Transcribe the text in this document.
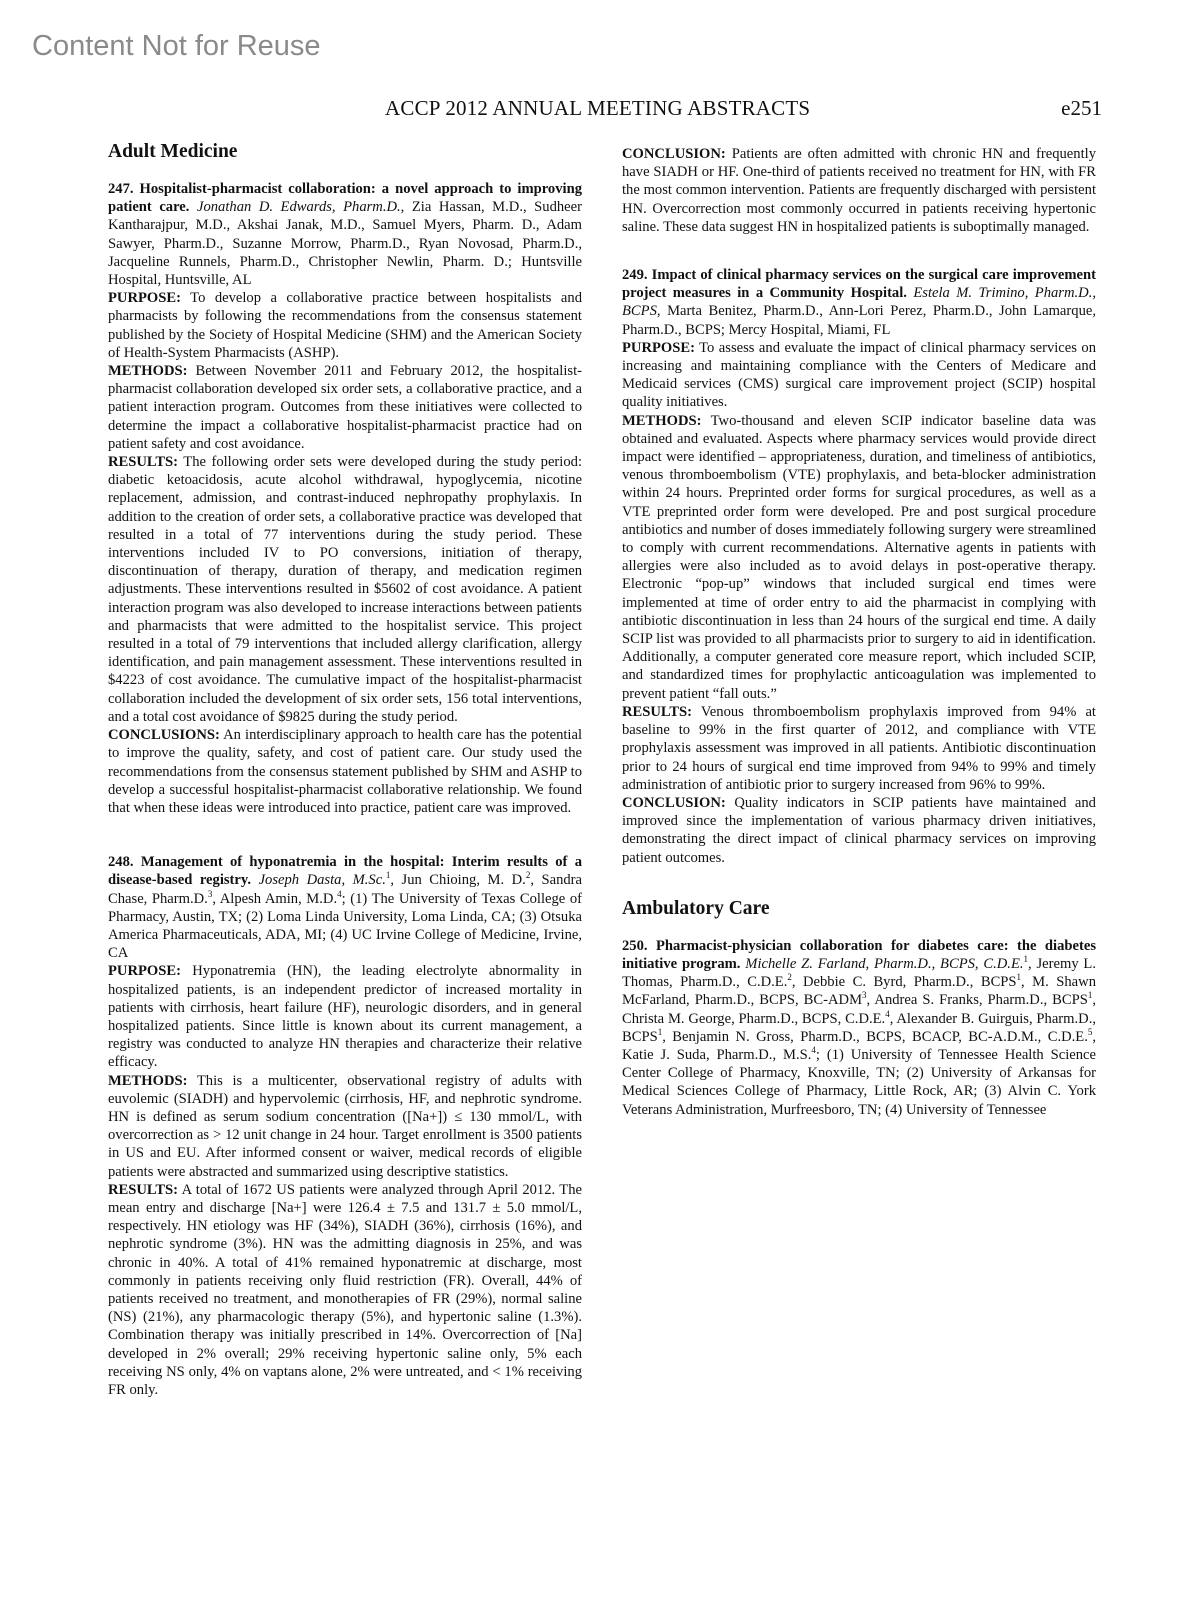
Content Not for Reuse
ACCP 2012 ANNUAL MEETING ABSTRACTS	e251
Adult Medicine

247. Hospitalist-pharmacist collaboration: a novel approach to improving patient care. Jonathan D. Edwards, Pharm.D., Zia Hassan, M.D., Sudheer Kantharajpur, M.D., Akshai Janak, M.D., Samuel Myers, Pharm. D., Adam Sawyer, Pharm.D., Suzanne Morrow, Pharm.D., Ryan Novosad, Pharm.D., Jacqueline Runnels, Pharm.D., Christopher Newlin, Pharm. D.; Huntsville Hospital, Huntsville, AL

PURPOSE: To develop a collaborative practice between hospitalists and pharmacists by following the recommendations from the consensus statement published by the Society of Hospital Medicine (SHM) and the American Society of Health-System Pharmacists (ASHP).

METHODS: Between November 2011 and February 2012, the hospitalist-pharmacist collaboration developed six order sets, a collaborative practice, and a patient interaction program. Outcomes from these initiatives were collected to determine the impact a collaborative hospitalist-pharmacist practice had on patient safety and cost avoidance.

RESULTS: The following order sets were developed during the study period: diabetic ketoacidosis, acute alcohol withdrawal, hypoglycemia, nicotine replacement, admission, and contrast-induced nephropathy prophylaxis. In addition to the creation of order sets, a collaborative practice was developed that resulted in a total of 77 interventions during the study period. These interventions included IV to PO conversions, initiation of therapy, discontinuation of therapy, duration of therapy, and medication regimen adjustments. These interventions resulted in $5602 of cost avoidance. A patient interaction program was also developed to increase interactions between patients and pharmacists that were admitted to the hospitalist service. This project resulted in a total of 79 interventions that included allergy clarification, allergy identification, and pain management assessment. These interventions resulted in $4223 of cost avoidance. The cumulative impact of the hospitalist-pharmacist collaboration included the development of six order sets, 156 total interventions, and a total cost avoidance of $9825 during the study period.

CONCLUSIONS: An interdisciplinary approach to health care has the potential to improve the quality, safety, and cost of patient care. Our study used the recommendations from the consensus statement published by SHM and ASHP to develop a successful hospitalist-pharmacist collaborative relationship. We found that when these ideas were introduced into practice, patient care was improved.

248. Management of hyponatremia in the hospital: Interim results of a disease-based registry. Joseph Dasta, M.Sc.$^1$, Jun Chioing, M. D.$^2$, Sandra Chase, Pharm.D.$^3$, Alpesh Amin, M.D.$^4$; (1) The University of Texas College of Pharmacy, Austin, TX; (2) Loma Linda University, Loma Linda, CA; (3) Otsuka America Pharmaceuticals, ADA, MI; (4) UC Irvine College of Medicine, Irvine, CA

PURPOSE: Hyponatremia (HN), the leading electrolyte abnormality in hospitalized patients, is an independent predictor of increased mortality in patients with cirrhosis, heart failure (HF), neurologic disorders, and in general hospitalized patients. Since little is known about its current management, a registry was conducted to analyze HN therapies and characterize their relative efficacy.

METHODS: This is a multicenter, observational registry of adults with euvolemic (SIADH) and hypervolemic (cirrhosis, HF, and nephrotic syndrome. HN is defined as serum sodium concentration ([Na+]) ≤ 130 mmol/L, with overcorrection as > 12 unit change in 24 hour. Target enrollment is 3500 patients in US and EU. After informed consent or waiver, medical records of eligible patients were abstracted and summarized using descriptive statistics.

RESULTS: A total of 1672 US patients were analyzed through April 2012. The mean entry and discharge [Na+] were 126.4 ± 7.5 and 131.7 ± 5.0 mmol/L, respectively. HN etiology was HF (34%), SIADH (36%), cirrhosis (16%), and nephrotic syndrome (3%). HN was the admitting diagnosis in 25%, and was chronic in 40%. A total of 41% remained hyponatremic at discharge, most commonly in patients receiving only fluid restriction (FR). Overall, 44% of patients received no treatment, and monotherapies of FR (29%), normal saline (NS) (21%), any pharmacologic therapy (5%), and hypertonic saline (1.3%). Combination therapy was initially prescribed in 14%. Overcorrection of [Na] developed in 2% overall; 29% receiving hypertonic saline only, 5% each receiving NS only, 4% on vaptans alone, 2% were untreated, and < 1% receiving FR only.

CONCLUSION: Patients are often admitted with chronic HN and frequently have SIADH or HF. One-third of patients received no treatment for HN, with FR the most common intervention. Patients are frequently discharged with persistent HN. Overcorrection most commonly occurred in patients receiving hypertonic saline. These data suggest HN in hospitalized patients is suboptimally managed.

249. Impact of clinical pharmacy services on the surgical care improvement project measures in a Community Hospital. Estela M. Trimino, Pharm.D., BCPS, Marta Benitez, Pharm.D., Ann-Lori Perez, Pharm.D., John Lamarque, Pharm.D., BCPS; Mercy Hospital, Miami, FL

PURPOSE: To assess and evaluate the impact of clinical pharmacy services on increasing and maintaining compliance with the Centers of Medicare and Medicaid services (CMS) surgical care improvement project (SCIP) hospital quality initiatives.

METHODS: Two-thousand and eleven SCIP indicator baseline data was obtained and evaluated. Aspects where pharmacy services would provide direct impact were identified – appropriateness, duration, and timeliness of antibiotics, venous thromboembolism (VTE) prophylaxis, and beta-blocker administration within 24 hours. Preprinted order forms for surgical procedures, as well as a VTE preprinted order form were developed. Pre and post surgical procedure antibiotics and number of doses immediately following surgery were streamlined to comply with current recommendations. Alternative agents in patients with allergies were also included as to avoid delays in post-operative therapy. Electronic “pop-up” windows that included surgical end times were implemented at time of order entry to aid the pharmacist in complying with antibiotic discontinuation in less than 24 hours of the surgical end time. A daily SCIP list was provided to all pharmacists prior to surgery to aid in identification. Additionally, a computer generated core measure report, which included SCIP, and standardized times for prophylactic anticoagulation was implemented to prevent patient “fall outs.”

RESULTS: Venous thromboembolism prophylaxis improved from 94% at baseline to 99% in the first quarter of 2012, and compliance with VTE prophylaxis assessment was improved in all patients. Antibiotic discontinuation prior to 24 hours of surgical end time improved from 94% to 99% and timely administration of antibiotic prior to surgery increased from 96% to 99%.

CONCLUSION: Quality indicators in SCIP patients have maintained and improved since the implementation of various pharmacy driven initiatives, demonstrating the direct impact of clinical pharmacy services on improving patient outcomes.

Ambulatory Care

250. Pharmacist-physician collaboration for diabetes care: the diabetes initiative program. Michelle Z. Farland, Pharm.D., BCPS, C.D.E.$^1$, Jeremy L. Thomas, Pharm.D., C.D.E.$^2$, Debbie C. Byrd, Pharm.D., BCPS$^1$, M. Shawn McFarland, Pharm.D., BCPS, BC-ADM$^3$, Andrea S. Franks, Pharm.D., BCPS$^1$, Christa M. George, Pharm.D., BCPS, C.D.E.$^4$, Alexander B. Guirguis, Pharm.D., BCPS$^1$, Benjamin N. Gross, Pharm.D., BCPS, BCACP, BC-A.D.M., C.D.E.$^5$, Katie J. Suda, Pharm.D., M.S.$^4$; (1) University of Tennessee Health Science Center College of Pharmacy, Knoxville, TN; (2) University of Arkansas for Medical Sciences College of Pharmacy, Little Rock, AR; (3) Alvin C. York Veterans Administration, Murfreesboro, TN; (4) University of Tennessee
